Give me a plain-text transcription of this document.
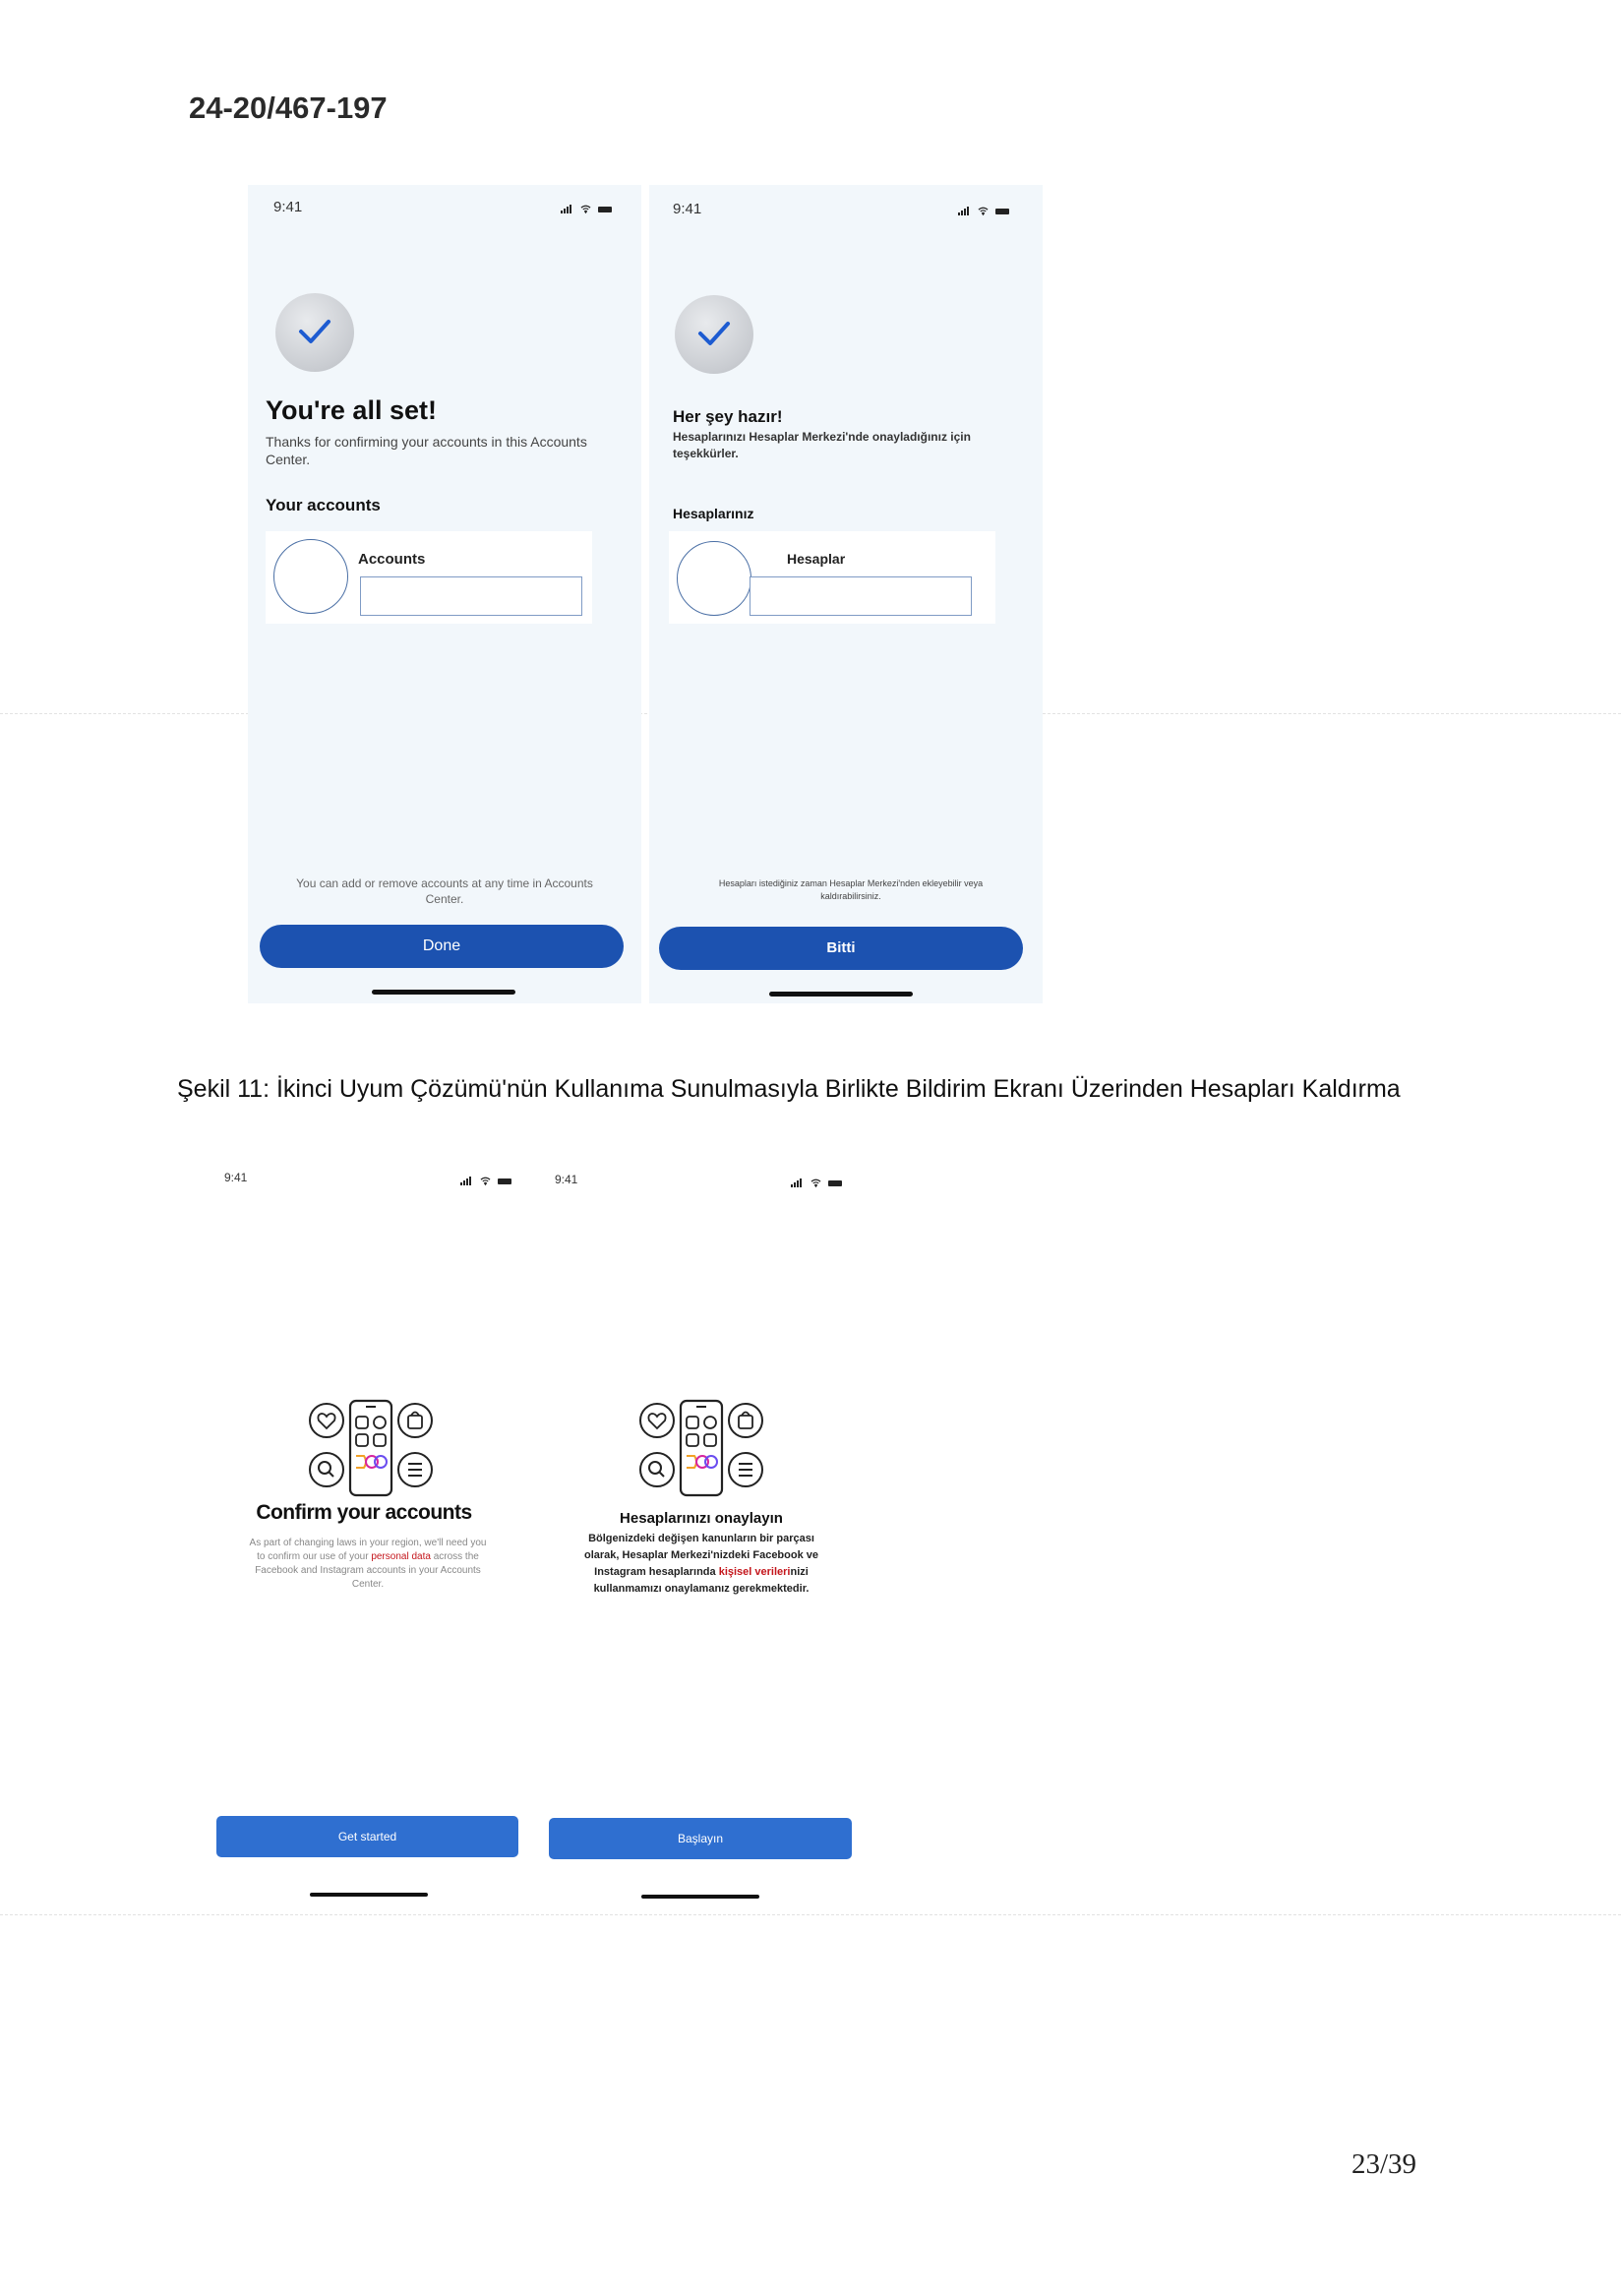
24-20/467-197
9:41

You're all set!
Thanks for confirming your accounts in this Accounts Center.
Your accounts
Accounts
You can add or remove accounts at any time in Accounts Center.
Done
9:41

Her şey hazır!
Hesaplarınızı Hesaplar Merkezi'nde onayladığınız için teşekkürler.
Hesaplarınız
Hesaplar
Hesapları istediğiniz zaman Hesaplar Merkezi'nden ekleyebilir veya kaldırabilirsiniz.
Bitti
Şekil 11: İkinci Uyum Çözümü'nün Kullanıma Sunulmasıyla Birlikte Bildirim Ekranı Üzerinden Hesapları Kaldırma
9:41

Confirm your accounts
As part of changing laws in your region, we'll need you to confirm our use of your personal data across the Facebook and Instagram accounts in your Accounts Center.
Get started
9:41

Hesaplarınızı onaylayın
Bölgenizdeki değişen kanunların bir parçası olarak, Hesaplar Merkezi'nizdeki Facebook ve Instagram hesaplarında kişisel verilerinizi kullanmamızı onaylamanız gerekmektedir.
Başlayın
23/39
